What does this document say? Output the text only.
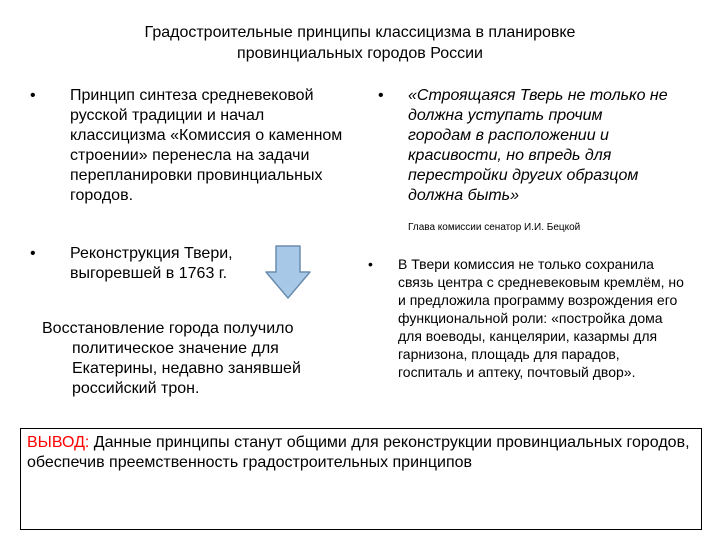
Градостроительные принципы классицизма в планировке
провинциальных городов России
• Принцип синтеза средневековой русской традиции и начал классицизма «Комиссия о каменном строении» перенесла на задачи перепланировки провинциальных городов.
• «Строящаяся Тверь не только не должна уступать прочим городам в расположении и красивости, но впредь для перестройки других образцом должна быть»
Глава комиссии сенатор И.И. Бецкой
• Реконструкция Твери, выгоревшей в 1763 г.
Восстановление города получило
политическое значение для Екатерины, недавно занявшей российский трон.
• В Твери комиссия не только сохранила связь центра с средневековым кремлём, но и предложила программу возрождения его функциональной роли: «постройка дома для воеводы, канцелярии, казармы для гарнизона, площадь для парадов, госпиталь и аптеку, почтовый двор».
ВЫВОД: Данные принципы станут общими для реконструкции провинциальных городов, обеспечив преемственность градостроительных принципов
